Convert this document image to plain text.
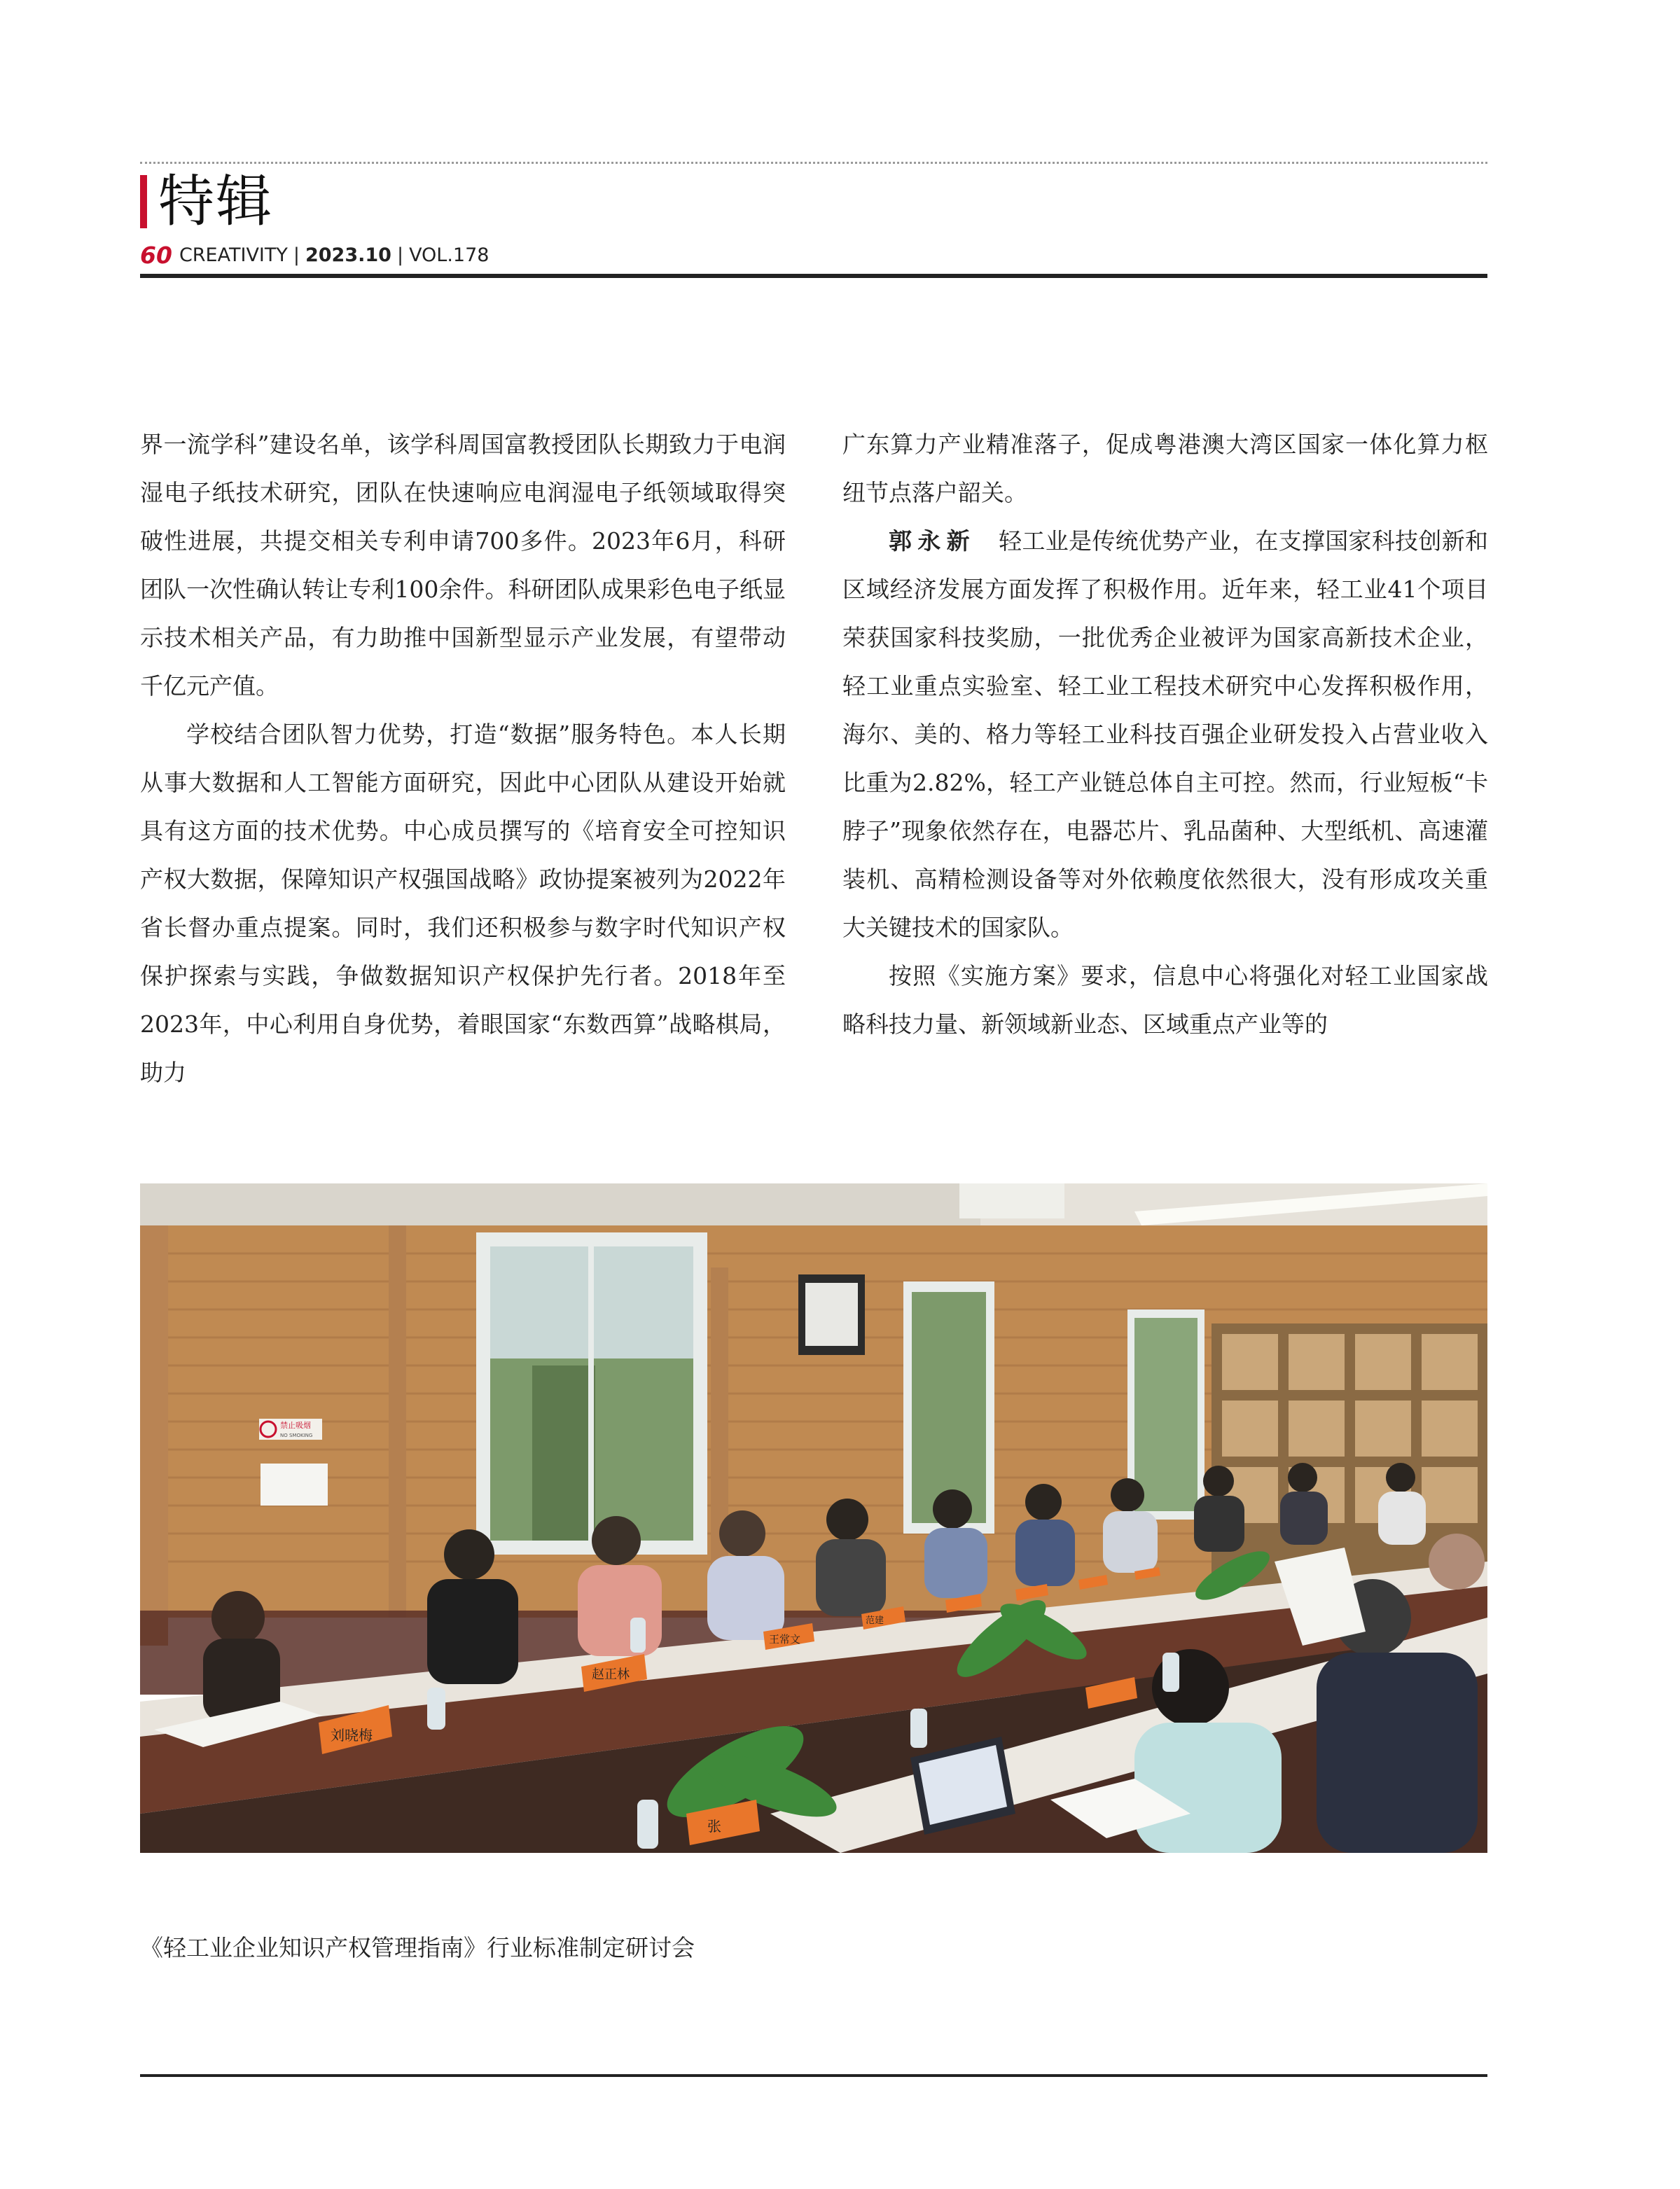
特辑
60 CREATIVITY | 2023.10 | VOL.178

界一流学科”建设名单，该学科周国富教授团队长期致力于电润湿电子纸技术研究，团队在快速响应电润湿电子纸领域取得突破性进展，共提交相关专利申请700多件。2023年6月，科研团队一次性确认转让专利100余件。科研团队成果彩色电子纸显示技术相关产品，有力助推中国新型显示产业发展，有望带动千亿元产值。

学校结合团队智力优势，打造“数据”服务特色。本人长期从事大数据和人工智能方面研究，因此中心团队从建设开始就具有这方面的技术优势。中心成员撰写的《培育安全可控知识产权大数据，保障知识产权强国战略》政协提案被列为2022年省长督办重点提案。同时，我们还积极参与数字时代知识产权保护探索与实践，争做数据知识产权保护先行者。2018年至2023年，中心利用自身优势，着眼国家“东数西算”战略棋局，助力

广东算力产业精准落子，促成粤港澳大湾区国家一体化算力枢纽节点落户韶关。

郭永新　 轻工业是传统优势产业，在支撑国家科技创新和区域经济发展方面发挥了积极作用。近年来，轻工业41个项目荣获国家科技奖励，一批优秀企业被评为国家高新技术企业，轻工业重点实验室、轻工业工程技术研究中心发挥积极作用，海尔、美的、格力等轻工业科技百强企业研发投入占营业收入比重为2.82%，轻工产业链总体自主可控。然而，行业短板“卡脖子”现象依然存在，电器芯片、乳品菌种、大型纸机、高速灌装机、高精检测设备等对外依赖度依然很大，没有形成攻关重大关键技术的国家队。

按照《实施方案》要求，信息中心将强化对轻工业国家战略科技力量、新领域新业态、区域重点产业等的

禁止吸烟
NO SMOKING
刘晓梅
赵正林
王常文
范建
张
《轻工业企业知识产权管理指南》行业标准制定研讨会
